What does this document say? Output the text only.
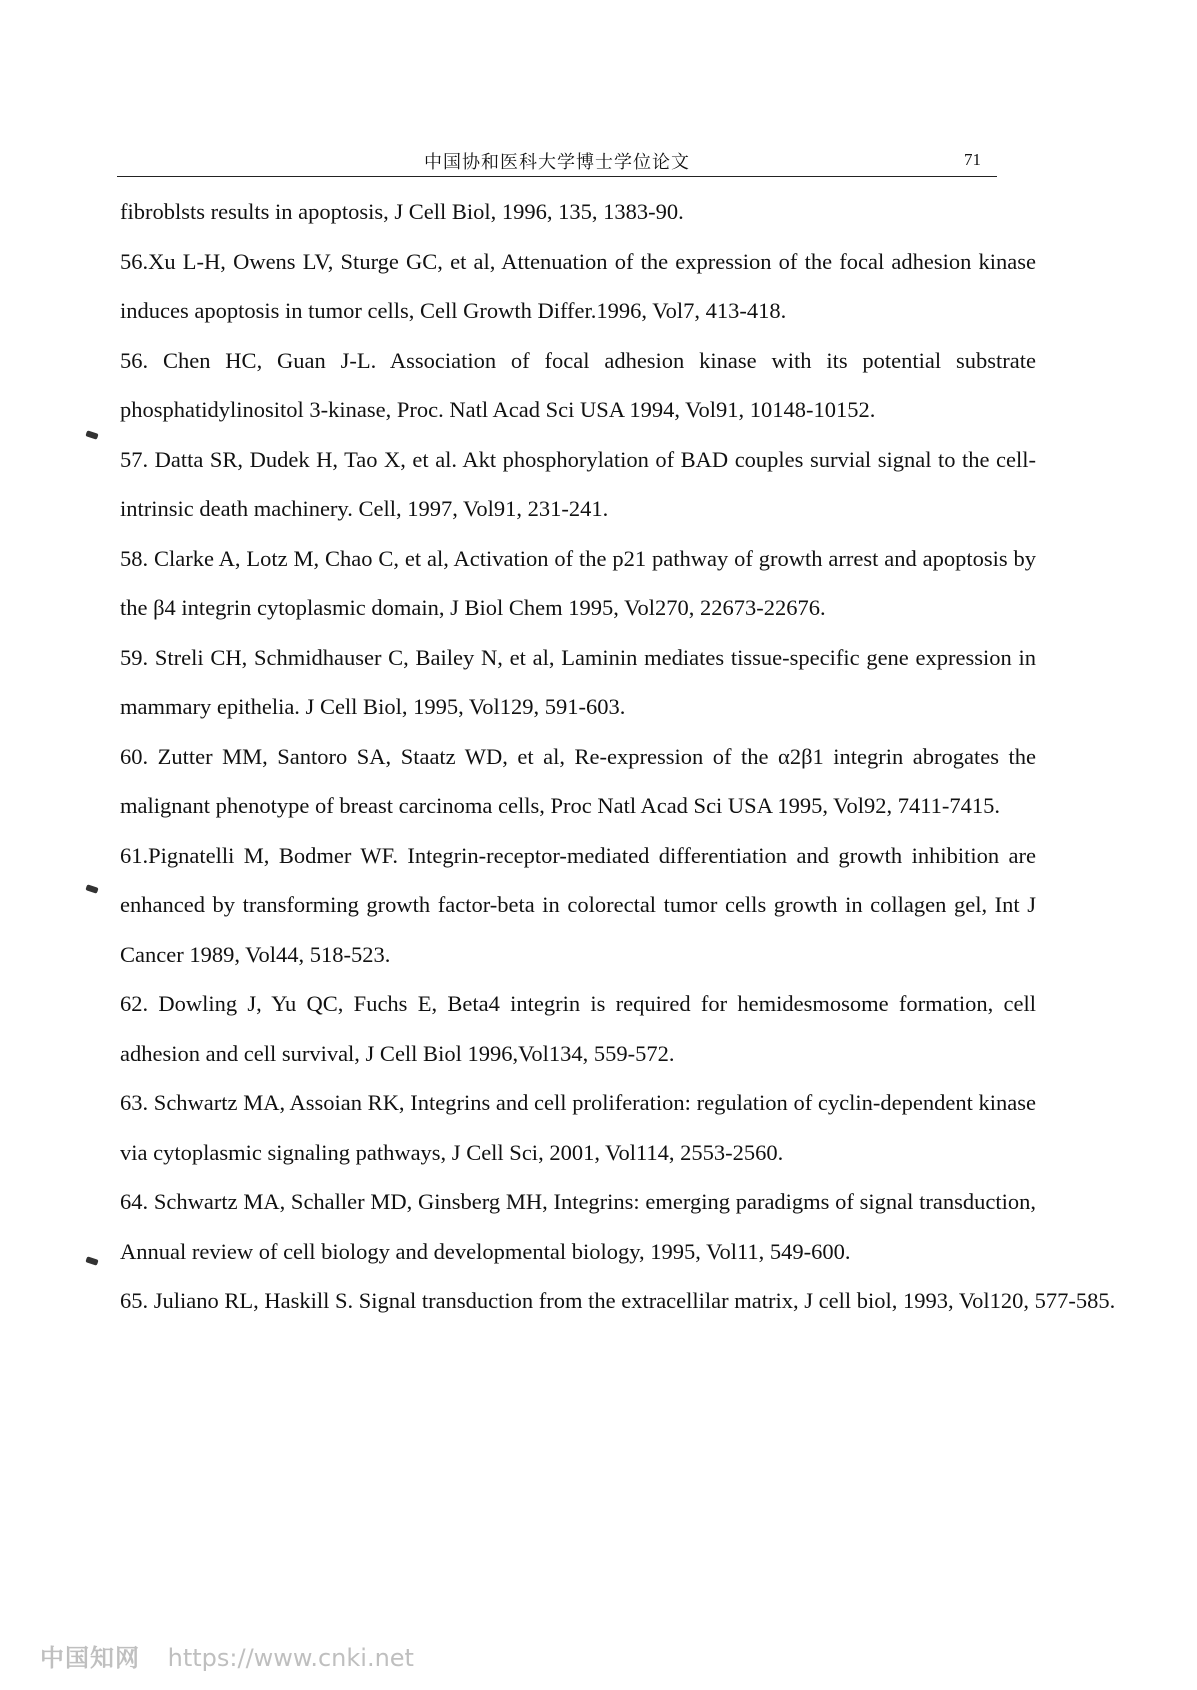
中国协和医科大学博士学位论文	71

fibroblsts results in apoptosis, J Cell Biol, 1996, 135, 1383-90.

56.Xu L-H, Owens LV, Sturge GC, et al, Attenuation of the expression of the focal adhesion kinase induces apoptosis in tumor cells, Cell Growth Differ.1996, Vol7, 413-418.

56. Chen HC, Guan J-L. Association of focal adhesion kinase with its potential substrate phosphatidylinositol 3-kinase, Proc. Natl Acad Sci USA 1994, Vol91, 10148-10152.

57. Datta SR, Dudek H, Tao X, et al. Akt phosphorylation of BAD couples survial signal to the cell-intrinsic death machinery. Cell, 1997, Vol91, 231-241.

58. Clarke A, Lotz M, Chao C, et al, Activation of the p21 pathway of growth arrest and apoptosis by the β4 integrin cytoplasmic domain, J Biol Chem 1995, Vol270, 22673-22676.

59. Streli CH, Schmidhauser C, Bailey N, et al, Laminin mediates tissue-specific gene expression in mammary epithelia. J Cell Biol, 1995, Vol129, 591-603.

60. Zutter MM, Santoro SA, Staatz WD, et al, Re-expression of the α2β1 integrin abrogates the malignant phenotype of breast carcinoma cells, Proc Natl Acad Sci USA 1995, Vol92, 7411-7415.

61.Pignatelli M, Bodmer WF. Integrin-receptor-mediated differentiation and growth inhibition are enhanced by transforming growth factor-beta in colorectal tumor cells growth in collagen gel, Int J Cancer 1989, Vol44, 518-523.

62. Dowling J, Yu QC, Fuchs E, Beta4 integrin is required for hemidesmosome formation, cell adhesion and cell survival, J Cell Biol 1996,Vol134, 559-572.

63. Schwartz MA, Assoian RK, Integrins and cell proliferation: regulation of cyclin-dependent kinase via cytoplasmic signaling pathways, J Cell Sci, 2001, Vol114, 2553-2560.

64. Schwartz MA, Schaller MD, Ginsberg MH, Integrins: emerging paradigms of signal transduction, Annual review of cell biology and developmental biology, 1995, Vol11, 549-600.

65. Juliano RL, Haskill S. Signal transduction from the extracellilar matrix, J cell biol, 1993, Vol120, 577-585.

中国知网 https://www.cnki.net
